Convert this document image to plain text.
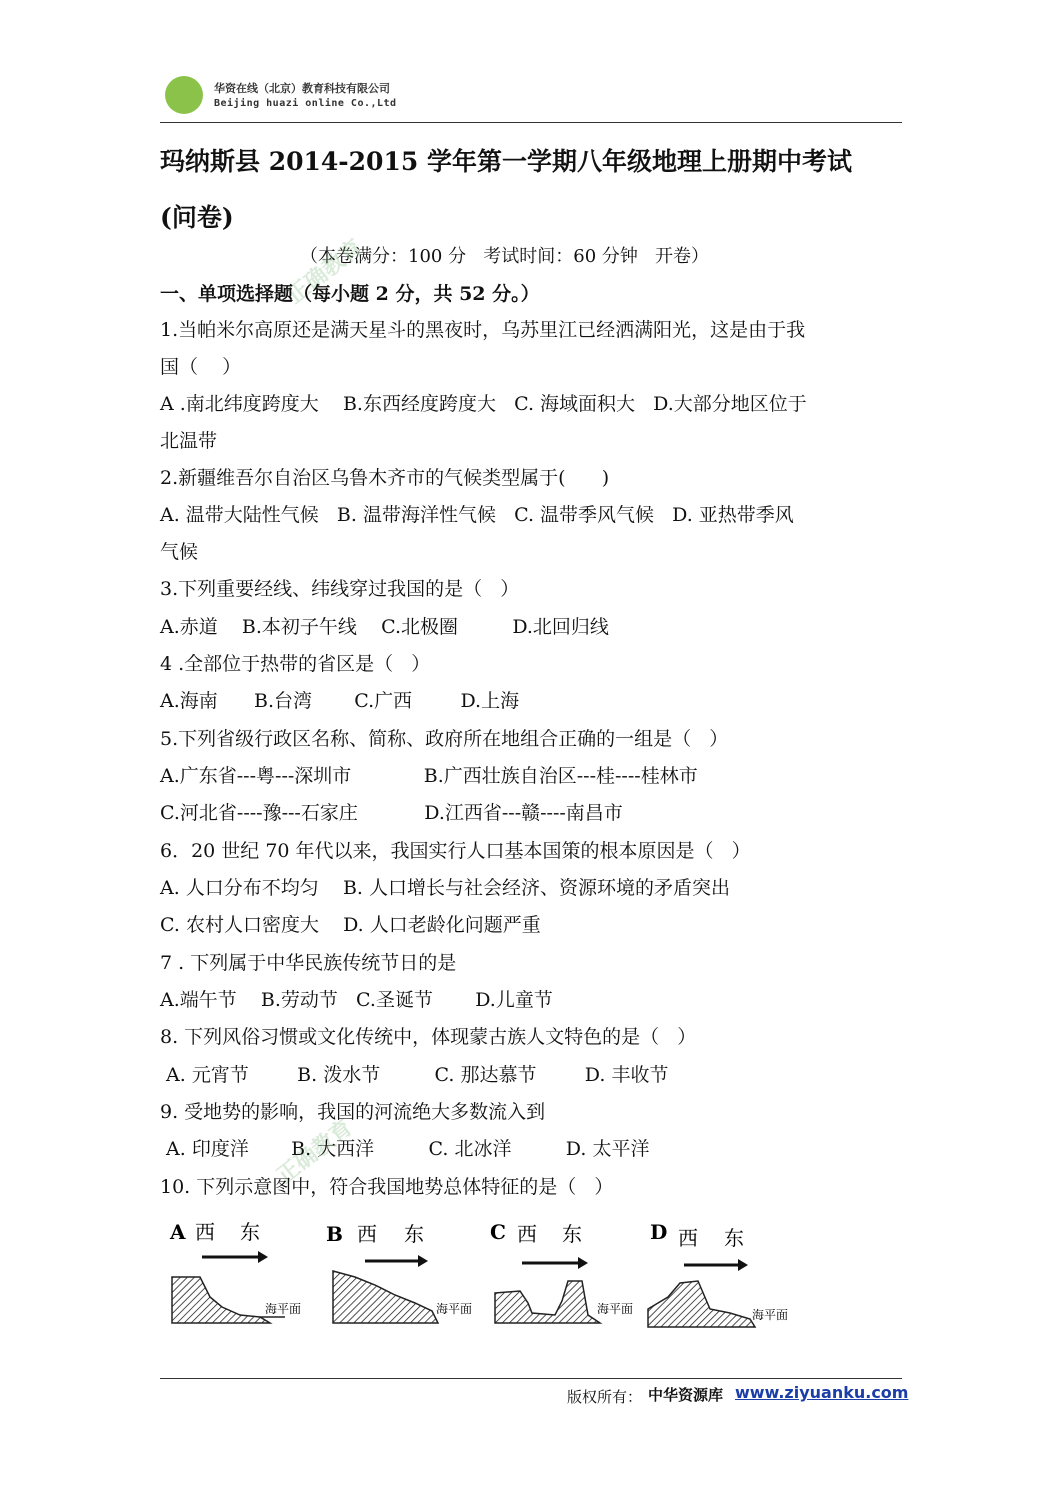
华资在线（北京）教育科技有限公司
Beijing huazi online Co.,Ltd
玛纳斯县 2014-2015 学年第一学期八年级地理上册期中考试
(问卷)
（本卷满分：100 分   考试时间：60 分钟   开卷）
正确教育
正确教育
一、单项选择题（每小题 2 分，共 52 分。）
1.当帕米尔高原还是满天星斗的黑夜时，乌苏里江已经洒满阳光，这是由于我
国（    ）
A .南北纬度跨度大    B.东西经度跨度大   C. 海域面积大   D.大部分地区位于
北温带
2.新疆维吾尔自治区乌鲁木齐市的气候类型属于(      )
A. 温带大陆性气候   B. 温带海洋性气候   C. 温带季风气候   D. 亚热带季风
气候
3.下列重要经线、纬线穿过我国的是（   ）
A.赤道    B.本初子午线    C.北极圈         D.北回归线
4 .全部位于热带的省区是（   ）
A.海南      B.台湾       C.广西        D.上海
5.下列省级行政区名称、简称、政府所在地组合正确的一组是（   ）
A.广东省---粤---深圳市            B.广西壮族自治区---桂----桂林市
C.河北省----豫---石家庄           D.江西省---赣----南昌市
6．20 世纪 70 年代以来，我国实行人口基本国策的根本原因是（   ）
A. 人口分布不均匀    B. 人口增长与社会经济、资源环境的矛盾突出
C. 农村人口密度大    D. 人口老龄化问题严重
7 . 下列属于中华民族传统节日的是
A.端午节    B.劳动节   C.圣诞节       D.儿童节
8. 下列风俗习惯或文化传统中，体现蒙古族人文特色的是（   ）
A. 元宵节        B. 泼水节         C. 那达慕节        D. 丰收节
9. 受地势的影响，我国的河流绝大多数流入到
A. 印度洋       B. 大西洋         C. 北冰洋         D. 太平洋
10. 下列示意图中，符合我国地势总体特征的是（   ）
A 西 东
海平面
B 西 东
海平面
C 西 东
海平面
D 西 东
海平面
版权所有： 中华资源库 www.ziyuanku.com
